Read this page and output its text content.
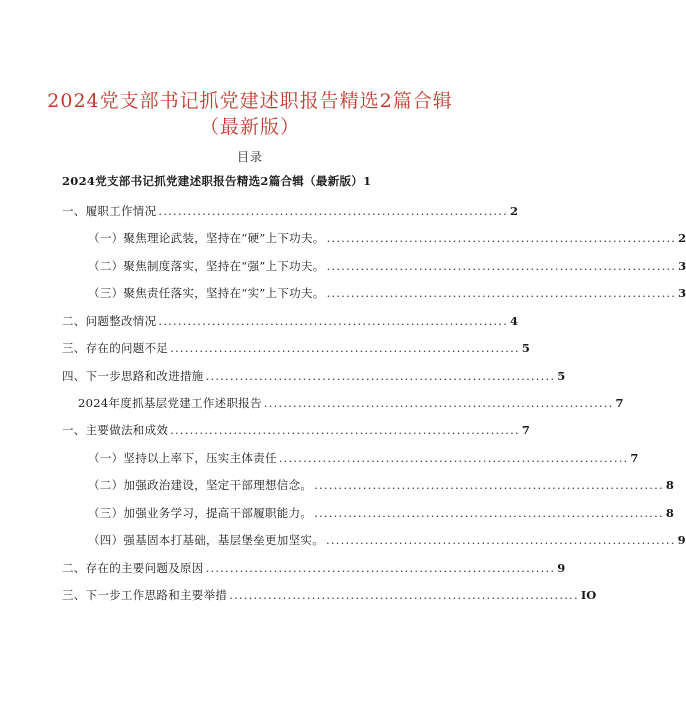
2024党支部书记抓党建述职报告精选2篇合辑（最新版）
目录
2024党支部书记抓党建述职报告精选2篇合辑（最新版） 1
一、履职工作情况 ........................................................................ 2
（一）聚焦理论武装，坚持在“硬”上下功夫。 ........................................................................ 2
（二）聚焦制度落实，坚持在“强”上下功夫。 ........................................................................ 3
（三）聚焦责任落实，坚持在“实”上下功夫。 ........................................................................ 3
二、问题整改情况 ........................................................................ 4
三、存在的问题不足 ........................................................................ 5
四、下一步思路和改进措施 ........................................................................ 5
2024年度抓基层党建工作述职报告 ........................................................................ 7
一、主要做法和成效 ........................................................................ 7
（一）坚持以上率下，压实主体责任 ........................................................................ 7
（二）加强政治建设，坚定干部理想信念。 ........................................................................ 8
（三）加强业务学习，提高干部履职能力。 ........................................................................ 8
（四）强基固本打基础，基层堡垒更加坚实。 ........................................................................ 9
二、存在的主要问题及原因 ........................................................................ 9
三、下一步工作思路和主要举措 ........................................................................ IO
